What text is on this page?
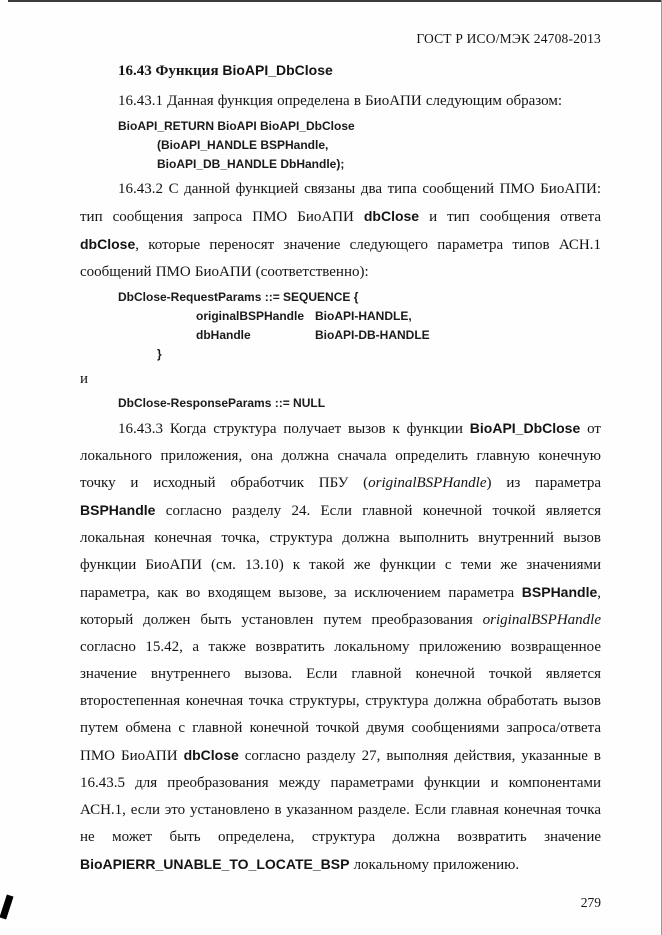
ГОСТ Р ИСО/МЭК 24708-2013
16.43 Функция BioAPI_DbClose

16.43.1 Данная функция определена в БиоАПИ следующим образом:

BioAPI_RETURN BioAPI BioAPI_DbClose
(BioAPI_HANDLE BSPHandle,
BioAPI_DB_HANDLE DbHandle);

16.43.2 С данной функцией связаны два типа сообщений ПМО БиоАПИ: тип сообщения запроса ПМО БиоАПИ dbClose и тип сообщения ответа dbClose, которые переносят значение следующего параметра типов АСН.1 сообщений ПМО БиоАПИ (соответственно):

DbClose-RequestParams ::= SEQUENCE {
originalBSPHandle BioAPI-HANDLE,
dbHandle	BioAPI-DB-HANDLE
}

и

DbClose-ResponseParams ::= NULL

16.43.3 Когда структура получает вызов к функции BioAPI_DbClose от локального приложения, она должна сначала определить главную конечную точку и исходный обработчик ПБУ (originalBSPHandle) из параметра BSPHandle согласно разделу 24. Если главной конечной точкой является локальная конечная точка, структура должна выполнить внутренний вызов функции БиоАПИ (см. 13.10) к такой же функции с теми же значениями параметра, как во входящем вызове, за исключением параметра BSPHandle, который должен быть установлен путем преобразования originalBSPHandle согласно 15.42, а также возвратить локальному приложению возвращенное значение внутреннего вызова. Если главной конечной точкой является второстепенная конечная точка структуры, структура должна обработать вызов путем обмена с главной конечной точкой двумя сообщениями запроса/ответа ПМО БиоАПИ dbClose согласно разделу 27, выполняя действия, указанные в 16.43.5 для преобразования между параметрами функции и компонентами АСН.1, если это установлено в указанном разделе. Если главная конечная точка не может быть определена, структура должна возвратить значение BioAPIERR_UNABLE_TO_LOCATE_BSP локальному приложению.

279
